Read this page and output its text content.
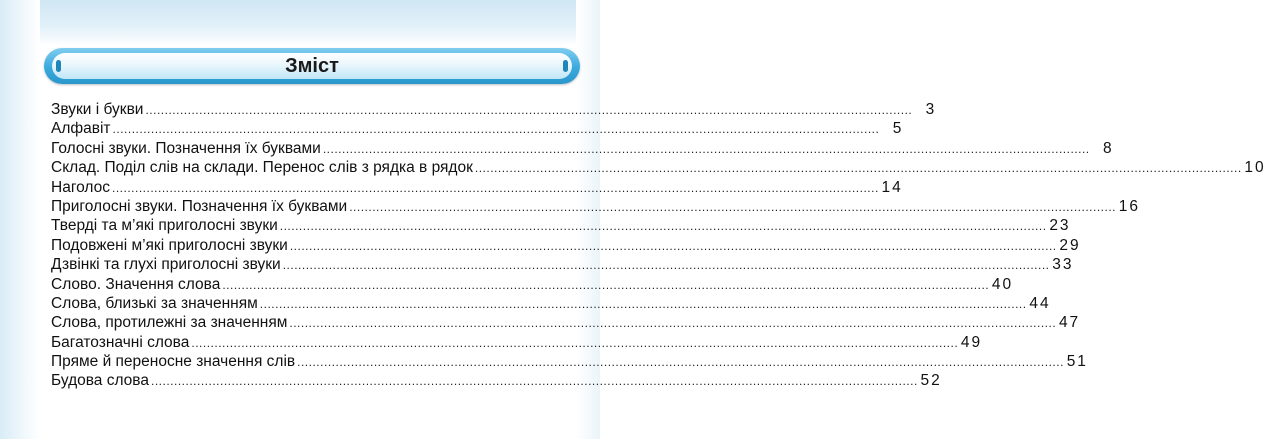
Зміст
Звуки і букви ........................................................................................................................................................................................................ 3
Алфавіт ........................................................................................................................................................................................................ 5
Голосні звуки. Позначення їх буквами ........................................................................................................................................................................................................ 8
Склад. Поділ слів на склади. Перенос слів з рядка в рядок ........................................................................................................................................................................................................ 10
Наголос ........................................................................................................................................................................................................ 14
Приголосні звуки. Позначення їх буквами ........................................................................................................................................................................................................ 16
Тверді та м’які приголосні звуки ........................................................................................................................................................................................................ 23
Подовжені м’які приголосні звуки ........................................................................................................................................................................................................ 29
Дзвінкі та глухі приголосні звуки ........................................................................................................................................................................................................ 33
Слово. Значення слова ........................................................................................................................................................................................................ 40
Слова, близькі за значенням ........................................................................................................................................................................................................ 44
Слова, протилежні за значенням ........................................................................................................................................................................................................ 47
Багатозначні слова ........................................................................................................................................................................................................ 49
Пряме й переносне значення слів ........................................................................................................................................................................................................ 51
Будова слова ........................................................................................................................................................................................................ 52
